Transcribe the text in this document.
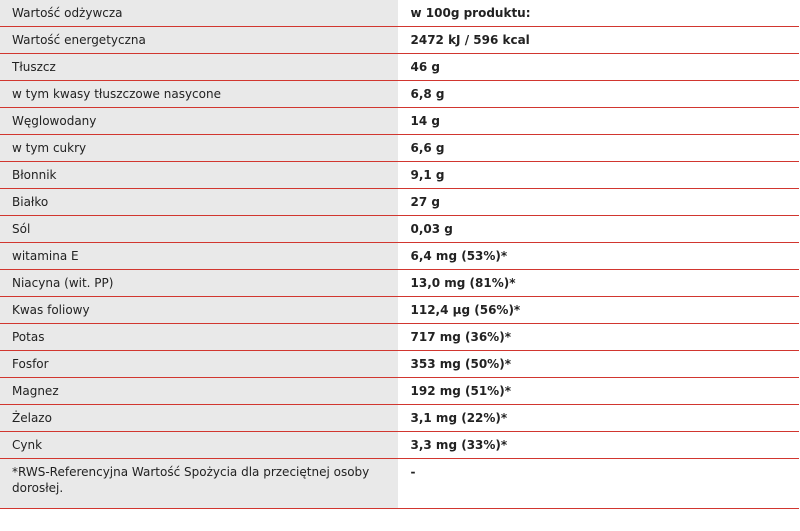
Wartość odżywcza	w 100g produktu:
Wartość energetyczna	2472 kJ / 596 kcal
Tłuszcz	46 g
w tym kwasy tłuszczowe nasycone	6,8 g
Węglowodany	14 g
w tym cukry	6,6 g
Błonnik	9,1 g
Białko	27 g
Sól	0,03 g
witamina E	6,4 mg (53%)*
Niacyna (wit. PP)	13,0 mg (81%)*
Kwas foliowy	112,4 µg (56%)*
Potas	717 mg (36%)*
Fosfor	353 mg (50%)*
Magnez	192 mg (51%)*
Żelazo	3,1 mg (22%)*
Cynk	3,3 mg (33%)*
*RWS-Referencyjna Wartość Spożycia dla przeciętnej osoby dorosłej.	-
